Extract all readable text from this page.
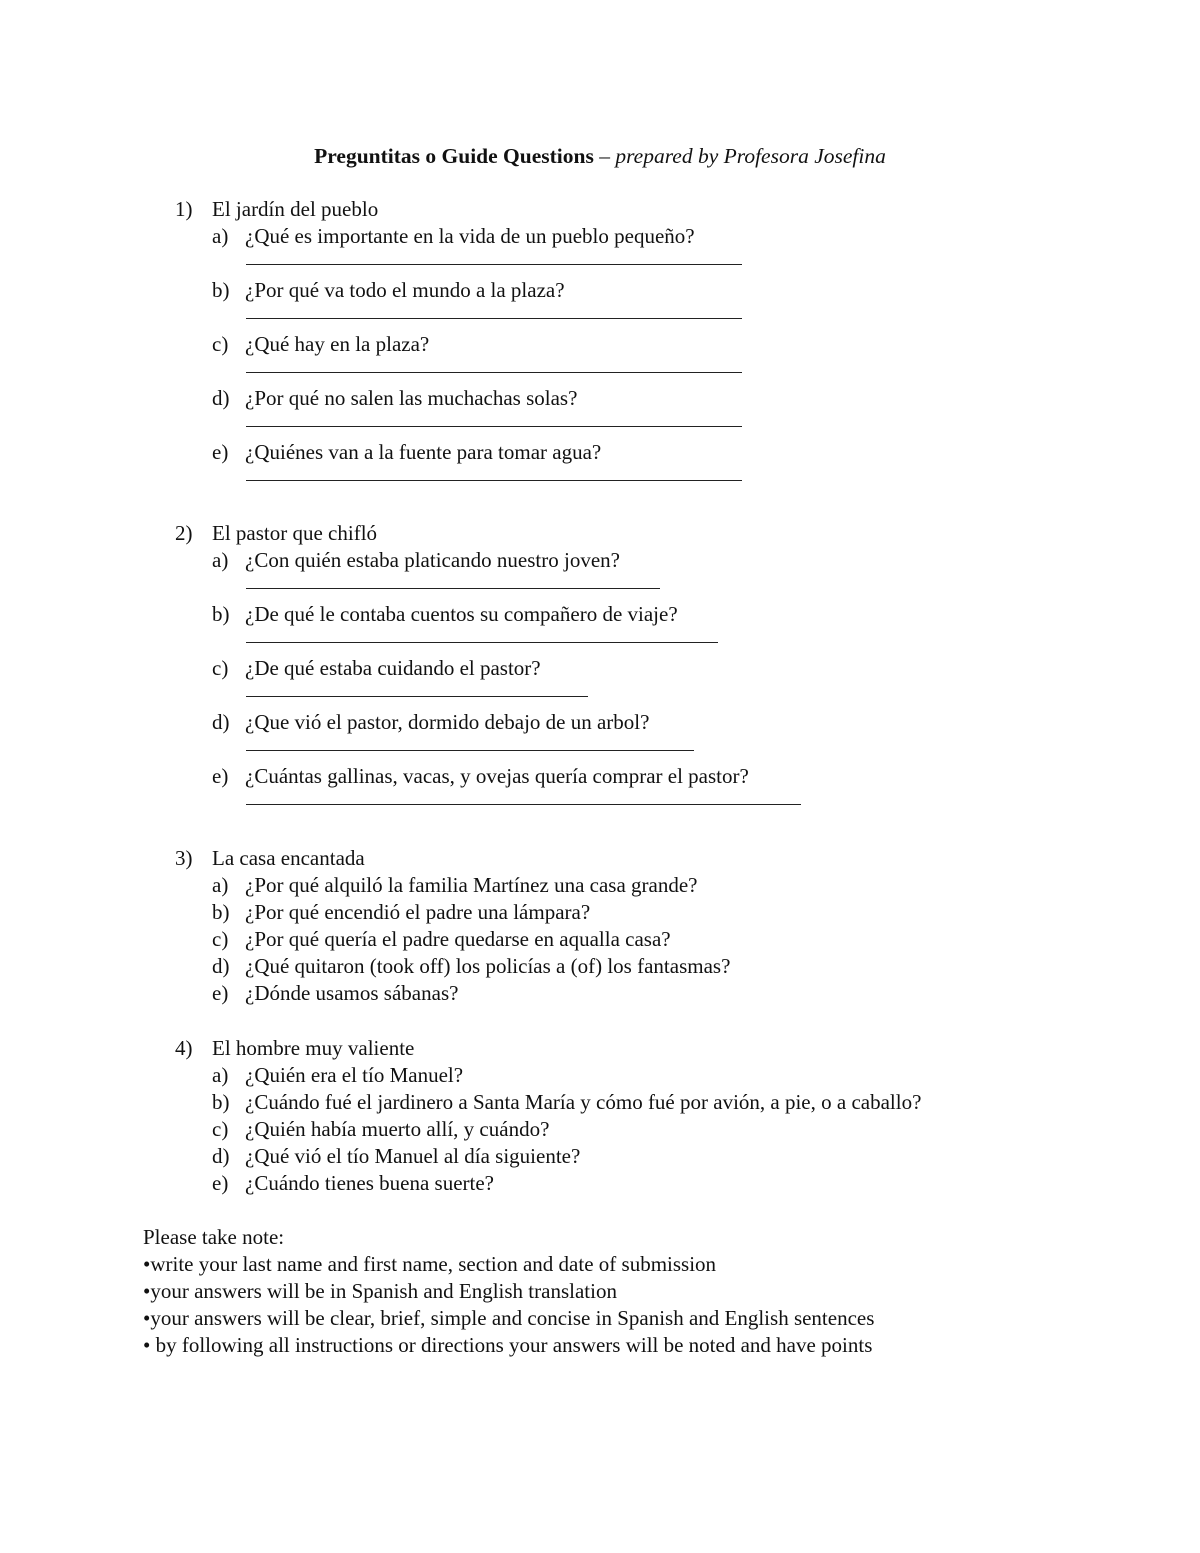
Preguntitas o Guide Questions – prepared by Profesora Josefina
1) El jardín del pueblo
a) ¿Qué es importante en la vida de un pueblo pequeño?
b) ¿Por qué va todo el mundo a la plaza?
c) ¿Qué hay en la plaza?
d) ¿Por qué no salen las muchachas solas?
e) ¿Quiénes van a la fuente para tomar agua?
2) El pastor que chifló
a) ¿Con quién estaba platicando nuestro joven?
b) ¿De qué le contaba cuentos su compañero de viaje?
c) ¿De qué estaba cuidando el pastor?
d) ¿Que vió el pastor, dormido debajo de un arbol?
e) ¿Cuántas gallinas, vacas, y ovejas quería comprar el pastor?
3) La casa encantada
a) ¿Por qué alquiló la familia Martínez una casa grande?
b) ¿Por qué encendió el padre una lámpara?
c) ¿Por qué quería el padre quedarse en aqualla casa?
d) ¿Qué quitaron (took off) los policías a (of) los fantasmas?
e) ¿Dónde usamos sábanas?
4) El hombre muy valiente
a) ¿Quién era el tío Manuel?
b) ¿Cuándo fué el jardinero a Santa María y cómo fué por avión, a pie, o a caballo?
c) ¿Quién había muerto allí, y cuándo?
d) ¿Qué vió el tío Manuel al día siguiente?
e) ¿Cuándo tienes buena suerte?
Please take note:
•write your last name and first name, section and date of submission
•your answers will be in Spanish and English translation
•your answers will be clear, brief, simple and concise in Spanish and English sentences
• by following all instructions or directions your answers will be noted and have points
